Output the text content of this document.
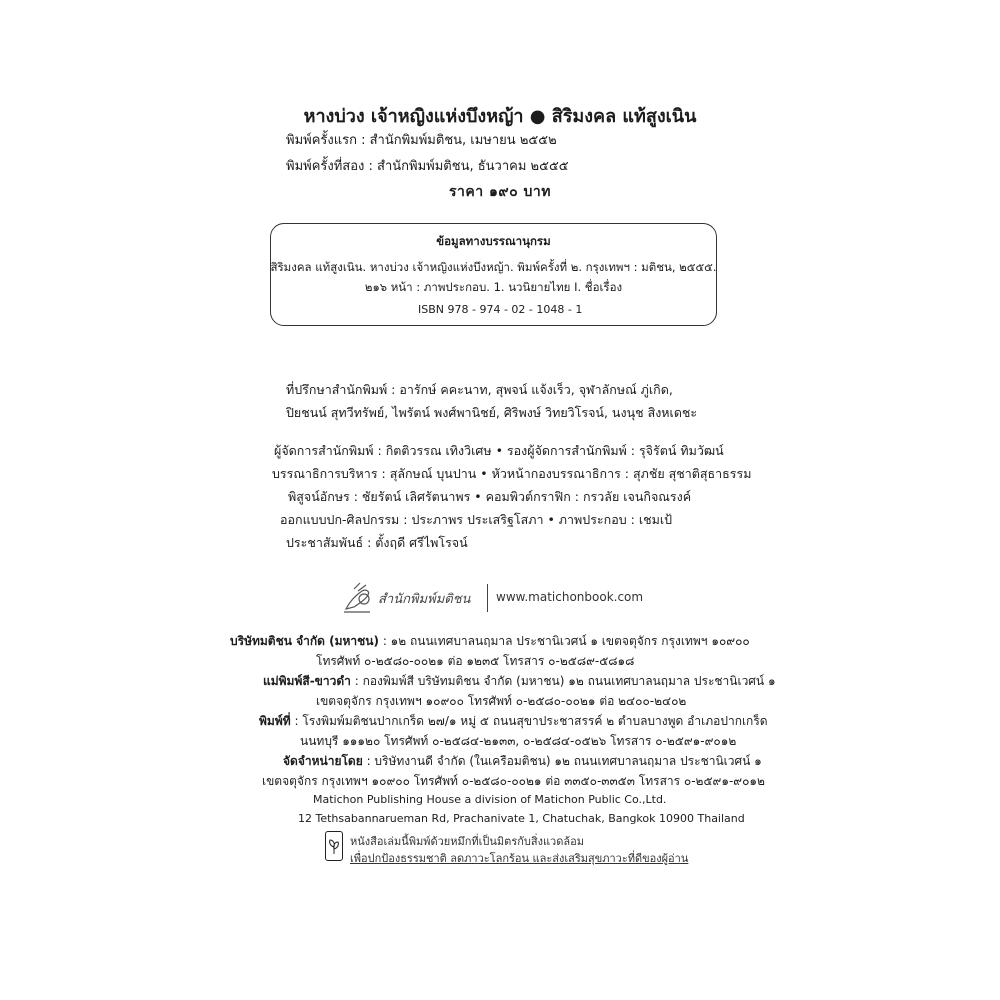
หางบ่วง เจ้าหญิงแห่งบึงหญ้า ● สิริมงคล แท้สูงเนิน
พิมพ์ครั้งแรก : สำนักพิมพ์มติชน, เมษายน ๒๕๕๒
พิมพ์ครั้งที่สอง : สำนักพิมพ์มติชน, ธันวาคม ๒๕๕๕
ราคา ๑๙๐ บาท
ข้อมูลทางบรรณานุกรม
สิริมงคล แท้สูงเนิน. หางบ่วง เจ้าหญิงแห่งบึงหญ้า. พิมพ์ครั้งที่ ๒. กรุงเทพฯ : มติชน, ๒๕๕๕.
๒๑๖ หน้า : ภาพประกอบ. 1. นวนิยายไทย I. ชื่อเรื่อง
ISBN 978 - 974 - 02 - 1048 - 1
ที่ปรึกษาสำนักพิมพ์ : อารักษ์ คคะนาท, สุพจน์ แจ้งเร็ว, จุฬาลักษณ์ ภู่เกิด,
ปิยชนน์ สุทวีทรัพย์, ไพรัตน์ พงศ์พานิชย์, ศิริพงษ์ วิทยวิโรจน์, นงนุช สิงหเดชะ
ผู้จัดการสำนักพิมพ์ : กิตติวรรณ เทิงวิเศษ • รองผู้จัดการสำนักพิมพ์ : รุจิรัตน์ ทิมวัฒน์
บรรณาธิการบริหาร : สุลักษณ์ บุนปาน • หัวหน้ากองบรรณาธิการ : สุภชัย สุชาติสุธาธรรม
พิสูจน์อักษร : ชัยรัตน์ เลิศรัตนาพร • คอมพิวต์กราฟิก : กรวลัย เจนกิจณรงค์
ออกแบบปก-ศิลปกรรม : ประภาพร ประเสริฐโสภา • ภาพประกอบ : เชมเป้
ประชาสัมพันธ์ : ตั้งฤดี ศรีไพโรจน์
สำนักพิมพ์มติชน www.matichonbook.com
บริษัทมติชน จำกัด (มหาชน) : ๑๒ ถนนเทศบาลนฤมาล ประชานิเวศน์ ๑ เขตจตุจักร กรุงเทพฯ ๑๐๙๐๐
โทรศัพท์ ๐-๒๕๘๐-๐๐๒๑ ต่อ ๑๒๓๕ โทรสาร ๐-๒๕๘๙-๕๘๑๘
แม่พิมพ์สี-ขาวดำ : กองพิมพ์สี บริษัทมติชน จำกัด (มหาชน) ๑๒ ถนนเทศบาลนฤมาล ประชานิเวศน์ ๑
เขตจตุจักร กรุงเทพฯ ๑๐๙๐๐ โทรศัพท์ ๐-๒๕๘๐-๐๐๒๑ ต่อ ๒๔๐๐-๒๔๐๒
พิมพ์ที่ : โรงพิมพ์มติชนปากเกร็ด ๒๗/๑ หมู่ ๕ ถนนสุขาประชาสรรค์ ๒ ตำบลบางพูด อำเภอปากเกร็ด
นนทบุรี ๑๑๑๒๐ โทรศัพท์ ๐-๒๕๘๔-๒๑๓๓, ๐-๒๕๘๔-๐๕๒๖ โทรสาร ๐-๒๕๙๑-๙๐๑๒
จัดจำหน่ายโดย : บริษัทงานดี จำกัด (ในเครือมติชน) ๑๒ ถนนเทศบาลนฤมาล ประชานิเวศน์ ๑
เขตจตุจักร กรุงเทพฯ ๑๐๙๐๐ โทรศัพท์ ๐-๒๕๘๐-๐๐๒๑ ต่อ ๓๓๕๐-๓๓๕๓ โทรสาร ๐-๒๕๙๑-๙๐๑๒
Matichon Publishing House a division of Matichon Public Co.,Ltd.
12 Tethsabannarueman Rd, Prachanivate 1, Chatuchak, Bangkok 10900 Thailand
หนังสือเล่มนี้พิมพ์ด้วยหมึกที่เป็นมิตรกับสิ่งแวดล้อม
เพื่อปกป้องธรรมชาติ ลดภาวะโลกร้อน และส่งเสริมสุขภาวะที่ดีของผู้อ่าน
